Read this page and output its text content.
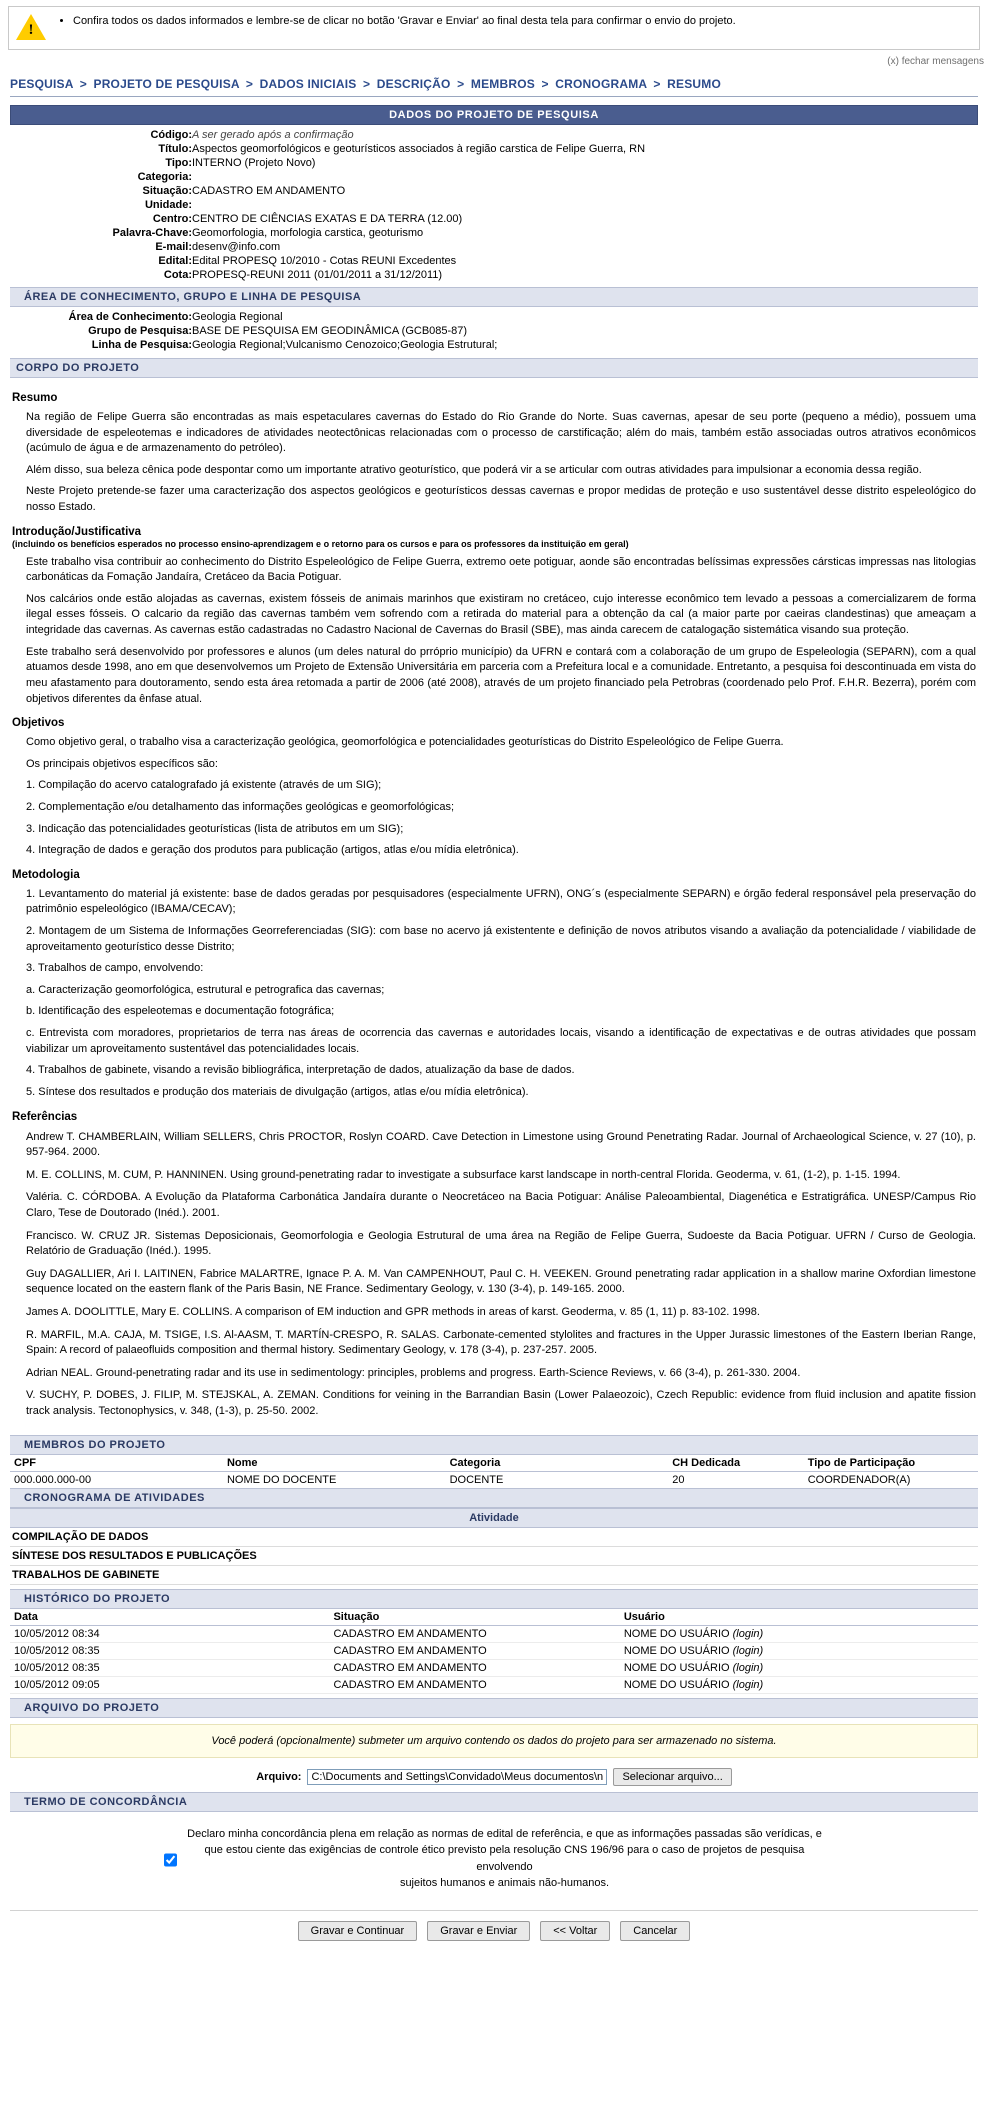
!
• Confira todos os dados informados e lembre-se de clicar no botão 'Gravar e Enviar' ao final desta tela para confirmar o envio do projeto.
(x) fechar mensagens
PESQUISA > PROJETO DE PESQUISA > DADOS INICIAIS > DESCRIÇÃO > MEMBROS > CRONOGRAMA > RESUMO
DADOS DO PROJETO DE PESQUISA
Código:	A ser gerado após a confirmação
Título:	Aspectos geomorfológicos e geoturísticos associados à região carstica de Felipe Guerra, RN
Tipo:	INTERNO (Projeto Novo)
Categoria:	
Situação:	CADASTRO EM ANDAMENTO
Unidade:	
Centro:	CENTRO DE CIÊNCIAS EXATAS E DA TERRA (12.00)
Palavra-Chave:	Geomorfologia, morfologia carstica, geoturismo
E-mail:	desenv@info.com
Edital:	Edital PROPESQ 10/2010 - Cotas REUNI Excedentes
Cota:	PROPESQ-REUNI 2011 (01/01/2011 a 31/12/2011)
ÁREA DE CONHECIMENTO, GRUPO E LINHA DE PESQUISA
Área de Conhecimento:	Geologia Regional
Grupo de Pesquisa:	BASE DE PESQUISA EM GEODINÂMICA (GCB085-87)
Linha de Pesquisa:	Geologia Regional;Vulcanismo Cenozoico;Geologia Estrutural;
CORPO DO PROJETO
Resumo

Na região de Felipe Guerra são encontradas as mais espetaculares cavernas do Estado do Rio Grande do Norte. Suas cavernas, apesar de seu porte (pequeno a médio), possuem uma diversidade de espeleotemas e indicadores de atividades neotectônicas relacionadas com o processo de carstificação; além do mais, também estão associadas outros atrativos econômicos (acúmulo de água e de armazenamento do petróleo).

Além disso, sua beleza cênica pode despontar como um importante atrativo geoturístico, que poderá vir a se articular com outras atividades para impulsionar a economia dessa região.

Neste Projeto pretende-se fazer uma caracterização dos aspectos geológicos e geoturísticos dessas cavernas e propor medidas de proteção e uso sustentável desse distrito espeleológico do nosso Estado.

Introdução/Justificativa
(incluindo os benefícios esperados no processo ensino-aprendizagem e o retorno para os cursos e para os professores da instituição em geral)

Este trabalho visa contribuir ao conhecimento do Distrito Espeleológico de Felipe Guerra, extremo oete potiguar, aonde são encontradas belíssimas expressões cársticas impressas nas litologias carbonáticas da Fomação Jandaíra, Cretáceo da Bacia Potiguar.

Nos calcários onde estão alojadas as cavernas, existem fósseis de animais marinhos que existiram no cretáceo, cujo interesse econômico tem levado a pessoas a comercializarem de forma ilegal esses fósseis. O calcario da região das cavernas também vem sofrendo com a retirada do material para a obtenção da cal (a maior parte por caeiras clandestinas) que ameaçam a integridade das cavernas. As cavernas estão cadastradas no Cadastro Nacional de Cavernas do Brasil (SBE), mas ainda carecem de catalogação sistemática visando sua proteção.

Este trabalho será desenvolvido por professores e alunos (um deles natural do prróprio município) da UFRN e contará com a colaboração de um grupo de Espeleologia (SEPARN), com a qual atuamos desde 1998, ano em que desenvolvemos um Projeto de Extensão Universitária em parceria com a Prefeitura local e a comunidade. Entretanto, a pesquisa foi descontinuada em vista do meu afastamento para doutoramento, sendo esta área retomada a partir de 2006 (até 2008), através de um projeto financiado pela Petrobras (coordenado pelo Prof. F.H.R. Bezerra), porém com objetivos diferentes da ênfase atual.

Objetivos

Como objetivo geral, o trabalho visa a caracterização geológica, geomorfológica e potencialidades geoturísticas do Distrito Espeleológico de Felipe Guerra.

Os principais objetivos específicos são:

1. Compilação do acervo catalografado já existente (através de um SIG);

2. Complementação e/ou detalhamento das informações geológicas e geomorfológicas;

3. Indicação das potencialidades geoturísticas (lista de atributos em um SIG);

4. Integração de dados e geração dos produtos para publicação (artigos, atlas e/ou mídia eletrônica).

Metodologia

1. Levantamento do material já existente: base de dados geradas por pesquisadores (especialmente UFRN), ONG´s (especialmente SEPARN) e órgão federal responsável pela preservação do patrimônio espeleológico (IBAMA/CECAV);

2. Montagem de um Sistema de Informações Georreferenciadas (SIG): com base no acervo já existentente e definição de novos atributos visando a avaliação da potencialidade / viabilidade de aproveitamento geoturístico desse Distrito;

3. Trabalhos de campo, envolvendo:

a. Caracterização geomorfológica, estrutural e petrografica das cavernas;

b. Identificação des espeleotemas e documentação fotográfica;

c. Entrevista com moradores, proprietarios de terra nas áreas de ocorrencia das cavernas e autoridades locais, visando a identificação de expectativas e de outras atividades que possam viabilizar um aproveitamento sustentável das potencialidades locais.

4. Trabalhos de gabinete, visando a revisão bibliográfica, interpretação de dados, atualização da base de dados.

5. Síntese dos resultados e produção dos materiais de divulgação (artigos, atlas e/ou mídia eletrônica).

Referências

Andrew T. CHAMBERLAIN, William SELLERS, Chris PROCTOR, Roslyn COARD. Cave Detection in Limestone using Ground Penetrating Radar. Journal of Archaeological Science, v. 27 (10), p. 957-964. 2000.

M. E. COLLINS, M. CUM, P. HANNINEN. Using ground-penetrating radar to investigate a subsurface karst landscape in north-central Florida. Geoderma, v. 61, (1-2), p. 1-15. 1994.

Valéria. C. CÓRDOBA. A Evolução da Plataforma Carbonática Jandaíra durante o Neocretáceo na Bacia Potiguar: Análise Paleoambiental, Diagenética e Estratigráfica. UNESP/Campus Rio Claro, Tese de Doutorado (Inéd.). 2001.

Francisco. W. CRUZ JR. Sistemas Deposicionais, Geomorfologia e Geologia Estrutural de uma área na Região de Felipe Guerra, Sudoeste da Bacia Potiguar. UFRN / Curso de Geologia. Relatório de Graduação (Inéd.). 1995.

Guy DAGALLIER, Ari I. LAITINEN, Fabrice MALARTRE, Ignace P. A. M. Van CAMPENHOUT, Paul C. H. VEEKEN. Ground penetrating radar application in a shallow marine Oxfordian limestone sequence located on the eastern flank of the Paris Basin, NE France. Sedimentary Geology, v. 130 (3-4), p. 149-165. 2000.

James A. DOOLITTLE, Mary E. COLLINS. A comparison of EM induction and GPR methods in areas of karst. Geoderma, v. 85 (1, 11) p. 83-102. 1998.

R. MARFIL, M.A. CAJA, M. TSIGE, I.S. Al-AASM, T. MARTÍN-CRESPO, R. SALAS. Carbonate-cemented stylolites and fractures in the Upper Jurassic limestones of the Eastern Iberian Range, Spain: A record of palaeofluids composition and thermal history. Sedimentary Geology, v. 178 (3-4), p. 237-257. 2005.

Adrian NEAL. Ground-penetrating radar and its use in sedimentology: principles, problems and progress. Earth-Science Reviews, v. 66 (3-4), p. 261-330. 2004.

V. SUCHY, P. DOBES, J. FILIP, M. STEJSKAL, A. ZEMAN. Conditions for veining in the Barrandian Basin (Lower Palaeozoic), Czech Republic: evidence from fluid inclusion and apatite fission track analysis. Tectonophysics, v. 348, (1-3), p. 25-50. 2002.

MEMBROS DO PROJETO
CPF	Nome	Categoria	CH Dedicada	Tipo de Participação
000.000.000-00	NOME DO DOCENTE	DOCENTE	20	COORDENADOR(A)
CRONOGRAMA DE ATIVIDADES
Atividade
COMPILAÇÃO DE DADOS
SÍNTESE DOS RESULTADOS E PUBLICAÇÕES
TRABALHOS DE GABINETE
HISTÓRICO DO PROJETO
Data	Situação	Usuário
10/05/2012 08:34	CADASTRO EM ANDAMENTO	NOME DO USUÁRIO (login)
10/05/2012 08:35	CADASTRO EM ANDAMENTO	NOME DO USUÁRIO (login)
10/05/2012 08:35	CADASTRO EM ANDAMENTO	NOME DO USUÁRIO (login)
10/05/2012 09:05	CADASTRO EM ANDAMENTO	NOME DO USUÁRIO (login)
ARQUIVO DO PROJETO
Você poderá (opcionalmente) submeter um arquivo contendo os dados do projeto para ser armazenado no sistema.
Arquivo:
C:\Documents and Settings\Convidado\Meus documentos\nx	Selecionar arquivo...
TERMO DE CONCORDÂNCIA
Declaro minha concordância plena em relação as normas de edital de referência, e que as informações passadas são verídicas, e
que estou ciente das exigências de controle ético previsto pela resolução CNS 196/96 para o caso de projetos de pesquisa envolvendo
sujeitos humanos e animais não-humanos.
Gravar e Continuar	Gravar e Enviar	<< Voltar	Cancelar
